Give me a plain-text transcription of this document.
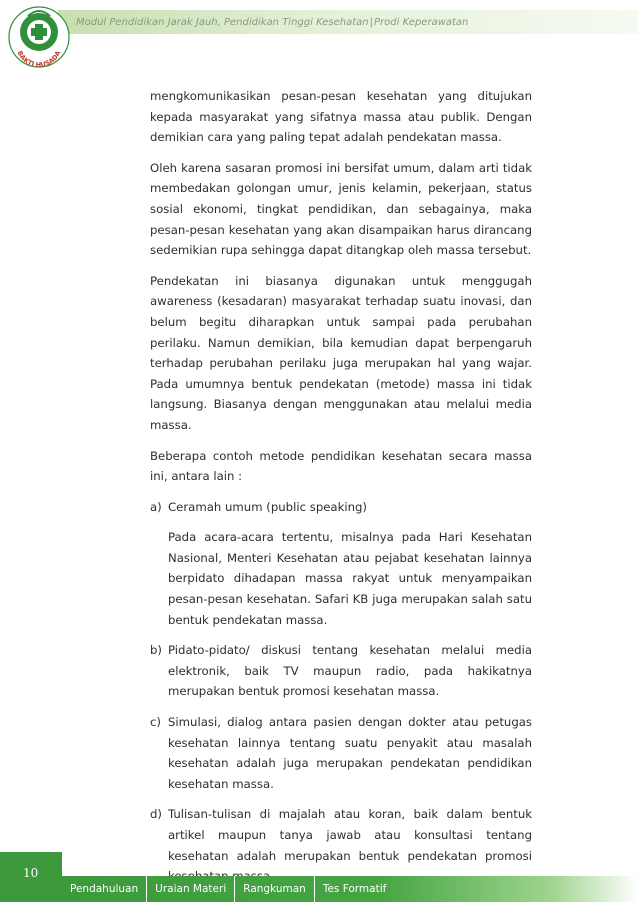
Modul Pendidikan Jarak Jauh, Pendidikan Tinggi Kesehatan|Prodi Keperawatan
BAKTI HUSADA

mengkomunikasikan pesan-pesan kesehatan yang ditujukan kepada masyarakat yang sifatnya massa atau publik. Dengan demikian cara yang paling tepat adalah pendekatan massa.

Oleh karena sasaran promosi ini bersifat umum, dalam arti tidak membedakan golongan umur, jenis kelamin, pekerjaan, status sosial ekonomi, tingkat pendidikan, dan sebagainya, maka pesan-pesan kesehatan yang akan disampaikan harus dirancang sedemikian rupa sehingga dapat ditangkap oleh massa tersebut.

Pendekatan ini biasanya digunakan untuk menggugah awareness (kesadaran) masyarakat terhadap suatu inovasi, dan belum begitu diharapkan untuk sampai pada perubahan perilaku. Namun demikian, bila kemudian dapat berpengaruh terhadap perubahan perilaku juga merupakan hal yang wajar. Pada umumnya bentuk pendekatan (metode) massa ini tidak langsung. Biasanya dengan menggunakan atau melalui media massa.

Beberapa contoh metode pendidikan kesehatan secara massa ini, antara lain :

a) Ceramah umum (public speaking)

Pada acara-acara tertentu, misalnya pada Hari Kesehatan Nasional, Menteri Kesehatan atau pejabat kesehatan lainnya berpidato dihadapan massa rakyat untuk menyampaikan pesan-pesan kesehatan. Safari KB juga merupakan salah satu bentuk pendekatan massa.

b) Pidato-pidato/ diskusi tentang kesehatan melalui media elektronik, baik TV maupun radio, pada hakikatnya merupakan bentuk promosi kesehatan massa.

c) Simulasi, dialog antara pasien dengan dokter atau petugas kesehatan lainnya tentang suatu penyakit atau masalah kesehatan adalah juga merupakan pendekatan pendidikan kesehatan massa.

d) Tulisan-tulisan di majalah atau koran, baik dalam bentuk artikel maupun tanya jawab atau konsultasi tentang kesehatan adalah merupakan bentuk pendekatan promosi

10
Pendahuluan	Uraian Materi	Rangkuman	Tes Formatif
